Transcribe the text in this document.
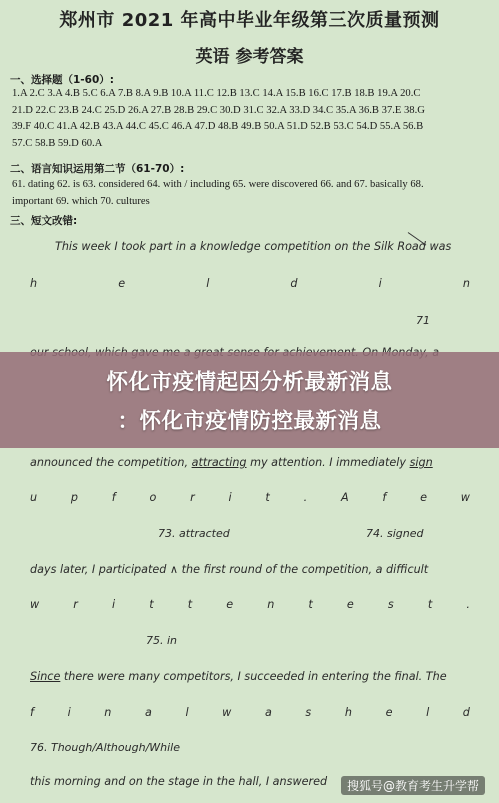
郑州市 2021 年高中毕业年级第三次质量预测
英语 参考答案
一、选择题（1-60）:
1.A 2.C 3.A 4.B 5.C 6.A 7.B 8.A 9.B 10.A 11.C 12.B 13.C 14.A 15.B 16.C 17.B 18.B 19.A 20.C
21.D 22.C 23.B 24.C 25.D 26.A 27.B 28.B 29.C 30.D 31.C 32.A 33.D 34.C 35.A 36.B 37.E 38.G
39.F 40.C 41.A 42.B 43.A 44.C 45.C 46.A 47.D 48.B 49.B 50.A 51.D 52.B 53.C 54.D 55.A 56.B
57.C 58.B 59.D 60.A
二、语言知识运用第二节（61-70）:
61. dating 62. is 63. considered 64. with / including 65. were discovered 66. and 67. basically 68.
important 69. which 70. cultures
三、短文改错:
This week I took part in a knowledge competition on the Silk Road was
h	e	l	d	i	n
71
announced the competition, attracting my attention. I immediately sign
u	p	f	o	r	i	t	.	A	f	e	w
73. attracted	74. signed
days later, I participated ∧ the first round of the competition, a difficult
w	r	i	t	t	e	n	t	e	s	t	.
75. in
Since there were many competitors, I succeeded in entering the final. The
f	i	n	a	l	w	a	s	h	e	l	d
76. Though/Although/While
this morning and on the stage in the hall, I answered
怀化市疫情起因分析最新消息
：怀化市疫情防控最新消息
搜狐号@教育考生升学帮
